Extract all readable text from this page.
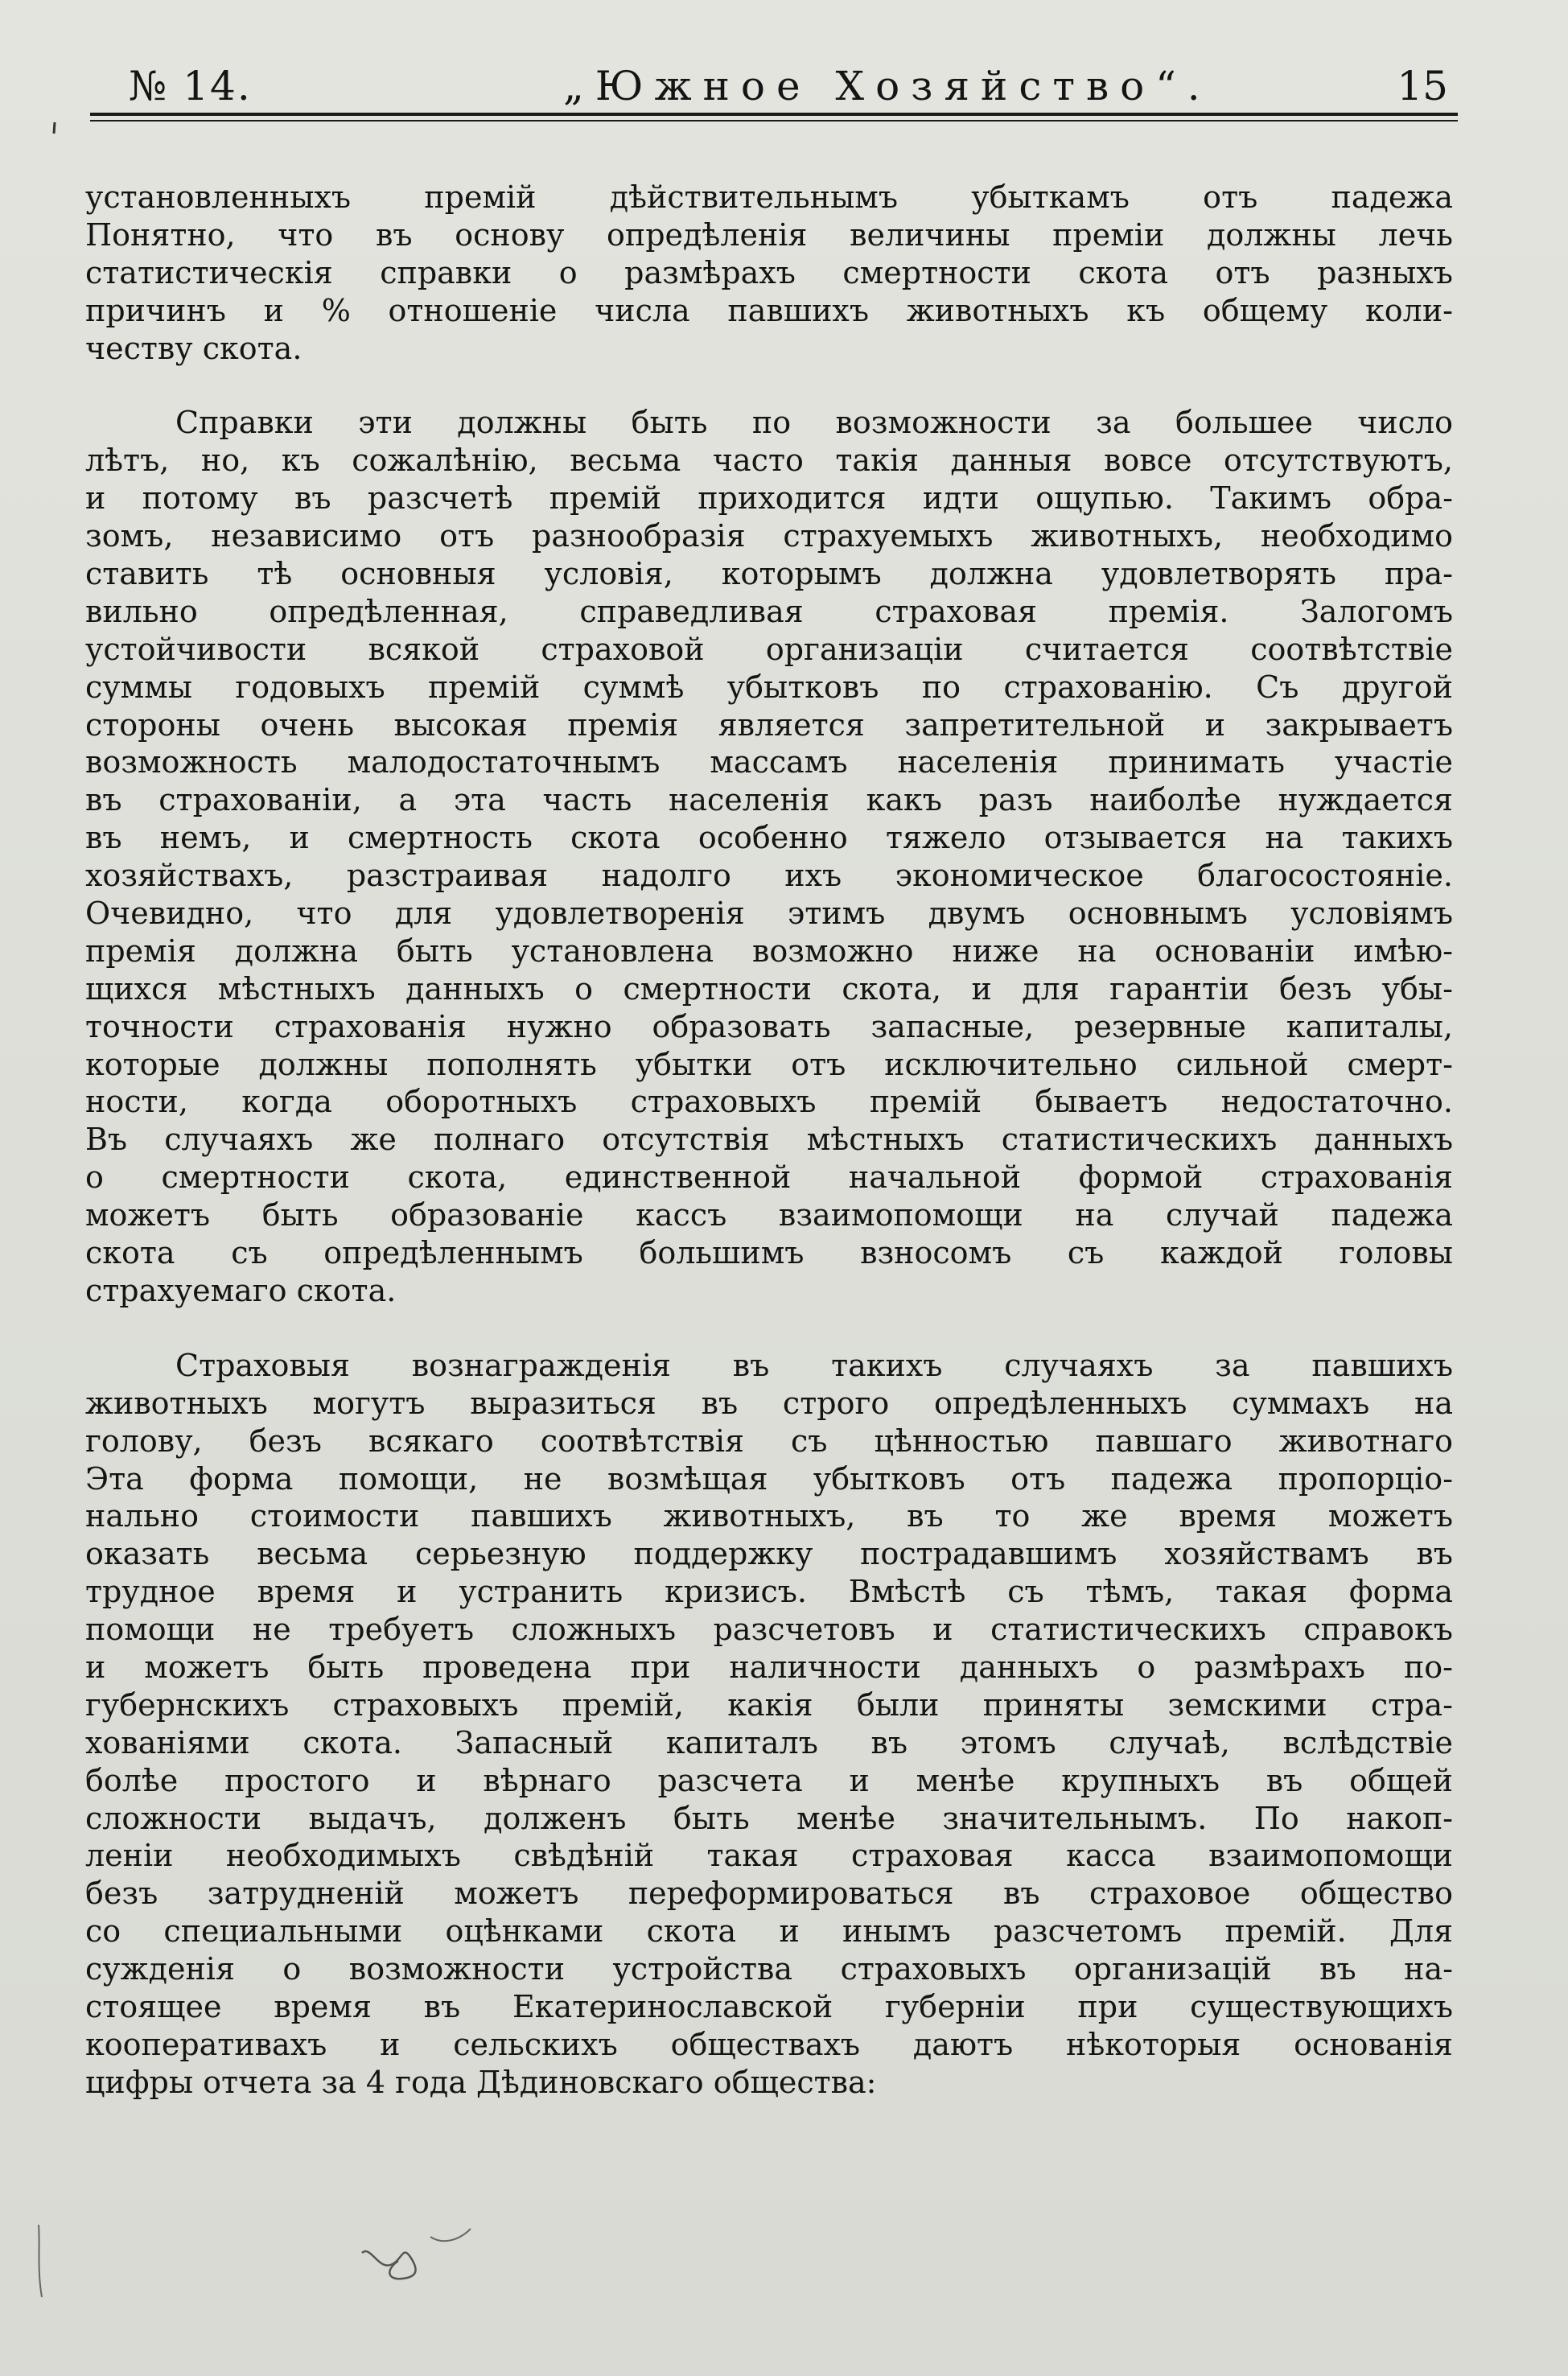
№ 14.	„Южное Хозяйство“.	15

установленныхъ премій дѣйствительнымъ убыткамъ отъ падежа
Понятно, что въ основу опредѣленія величины преміи должны лечь
статистическія справки о размѣрахъ смертности скота отъ разныхъ
причинъ и % отношеніе числа павшихъ животныхъ къ общему коли-
честву скота.

Справки эти должны быть по возможности за большее число
лѣтъ, но, къ сожалѣнію, весьма часто такія данныя вовсе отсутствуютъ,
и потому въ разсчетѣ премій приходится идти ощупью. Такимъ обра-
зомъ, независимо отъ разнообразія страхуемыхъ животныхъ, необходимо
ставить тѣ основныя условія, которымъ должна удовлетворять пра-
вильно опредѣленная, справедливая страховая премія. Залогомъ
устойчивости всякой страховой организаціи считается соотвѣтствіе
суммы годовыхъ премій суммѣ убытковъ по страхованію. Съ другой
стороны очень высокая премія является запретительной и закрываетъ
возможность малодостаточнымъ массамъ населенія принимать участіе
въ страхованіи, а эта часть населенія какъ разъ наиболѣе нуждается
въ немъ, и смертность скота особенно тяжело отзывается на такихъ
хозяйствахъ, разстраивая надолго ихъ экономическое благосостояніе.
Очевидно, что для удовлетворенія этимъ двумъ основнымъ условіямъ
премія должна быть установлена возможно ниже на основаніи имѣю-
щихся мѣстныхъ данныхъ о смертности скота, и для гарантіи безъ убы-
точности страхованія нужно образовать запасные, резервные капиталы,
которые должны пополнять убытки отъ исключительно сильной смерт-
ности, когда оборотныхъ страховыхъ премій бываетъ недостаточно.
Въ случаяхъ же полнаго отсутствія мѣстныхъ статистическихъ данныхъ
о смертности скота, единственной начальной формой страхованія
можетъ быть образованіе кассъ взаимопомощи на случай падежа
скота съ опредѣленнымъ большимъ взносомъ съ каждой головы
страхуемаго скота.

Страховыя вознагражденія въ такихъ случаяхъ за павшихъ
животныхъ могутъ выразиться въ строго опредѣленныхъ суммахъ на
голову, безъ всякаго соотвѣтствія съ цѣнностью павшаго животнаго
Эта форма помощи, не возмѣщая убытковъ отъ падежа пропорціо-
нально стоимости павшихъ животныхъ, въ то же время можетъ
оказать весьма серьезную поддержку пострадавшимъ хозяйствамъ въ
трудное время и устранить кризисъ. Вмѣстѣ съ тѣмъ, такая форма
помощи не требуетъ сложныхъ разсчетовъ и статистическихъ справокъ
и можетъ быть проведена при наличности данныхъ о размѣрахъ по-
губернскихъ страховыхъ премій, какія были приняты земскими стра-
хованіями скота. Запасный капиталъ въ этомъ случаѣ, вслѣдствіе
болѣе простого и вѣрнаго разсчета и менѣе крупныхъ въ общей
сложности выдачъ, долженъ быть менѣе значительнымъ. По накоп-
леніи необходимыхъ свѣдѣній такая страховая касса взаимопомощи
безъ затрудненій можетъ переформироваться въ страховое общество
со специальными оцѣнками скота и инымъ разсчетомъ премій. Для
сужденія о возможности устройства страховыхъ организацій въ на-
стоящее время въ Екатеринославской губерніи при существующихъ
кооперативахъ и сельскихъ обществахъ даютъ нѣкоторыя основанія
цифры отчета за 4 года Дѣдиновскаго общества:
